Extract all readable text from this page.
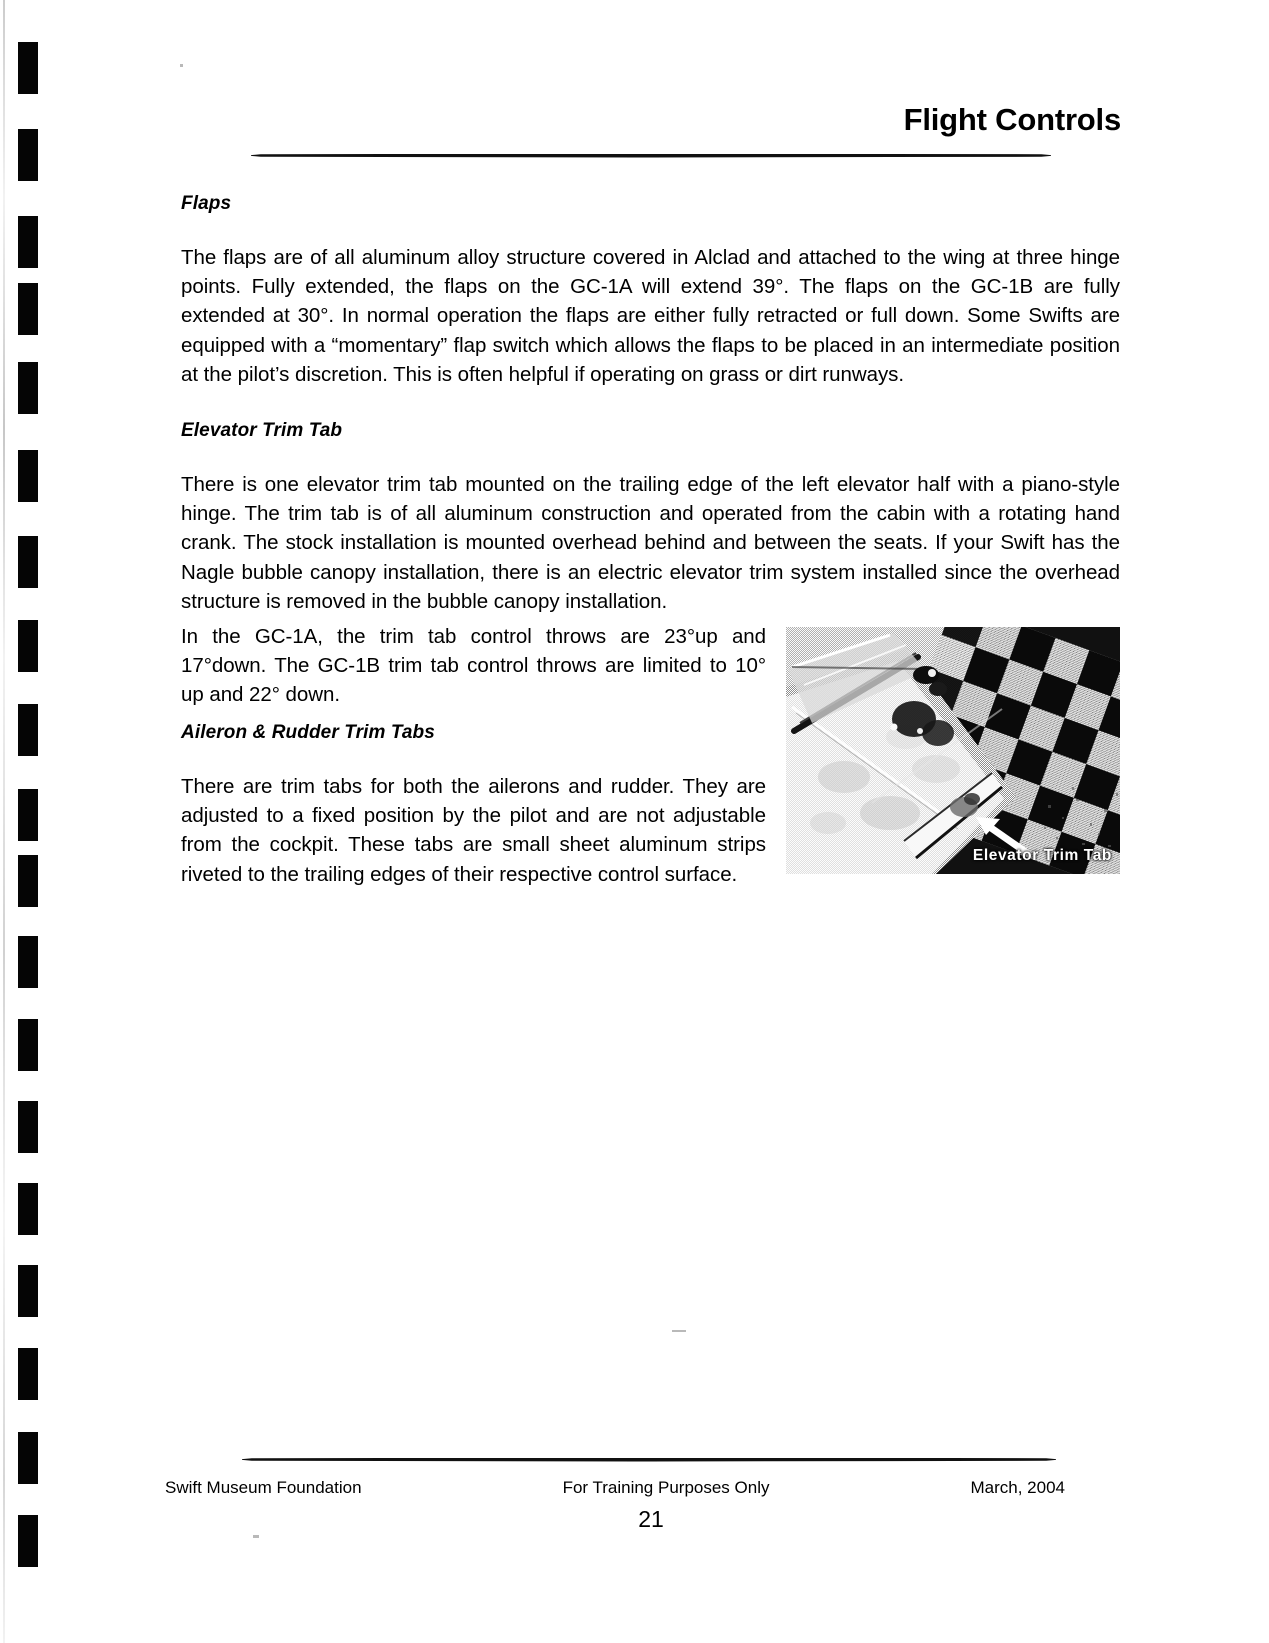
Flight Controls
Flaps

The flaps are of all aluminum alloy structure covered in Alclad and attached to the wing at three hinge points. Fully extended, the flaps on the GC-1A will extend 39°. The flaps on the GC-1B are fully extended at 30°. In normal operation the flaps are either fully retracted or full down. Some Swifts are equipped with a “momentary” flap switch which allows the flaps to be placed in an intermediate position at the pilot’s discretion. This is often helpful if operating on grass or dirt runways.

Elevator Trim Tab

There is one elevator trim tab mounted on the trailing edge of the left elevator half with a piano-style hinge. The trim tab is of all aluminum construction and operated from the cabin with a rotating hand crank. The stock installation is mounted overhead behind and between the seats. If your Swift has the Nagle bubble canopy installation, there is an electric elevator trim system installed since the overhead structure is removed in the bubble canopy installation.

In the GC-1A, the trim tab control throws are 23°up and 17°down. The GC-1B trim tab control throws are limited to 10° up and 22° down.

Aileron & Rudder Trim Tabs

There are trim tabs for both the ailerons and rudder. They are adjusted to a fixed position by the pilot and are not adjustable from the cockpit. These tabs are small sheet aluminum strips riveted to the trailing edges of their respective control surface.

Elevator Trim Tab
Swift Museum Foundation	For Training Purposes Only	March, 2004
21
